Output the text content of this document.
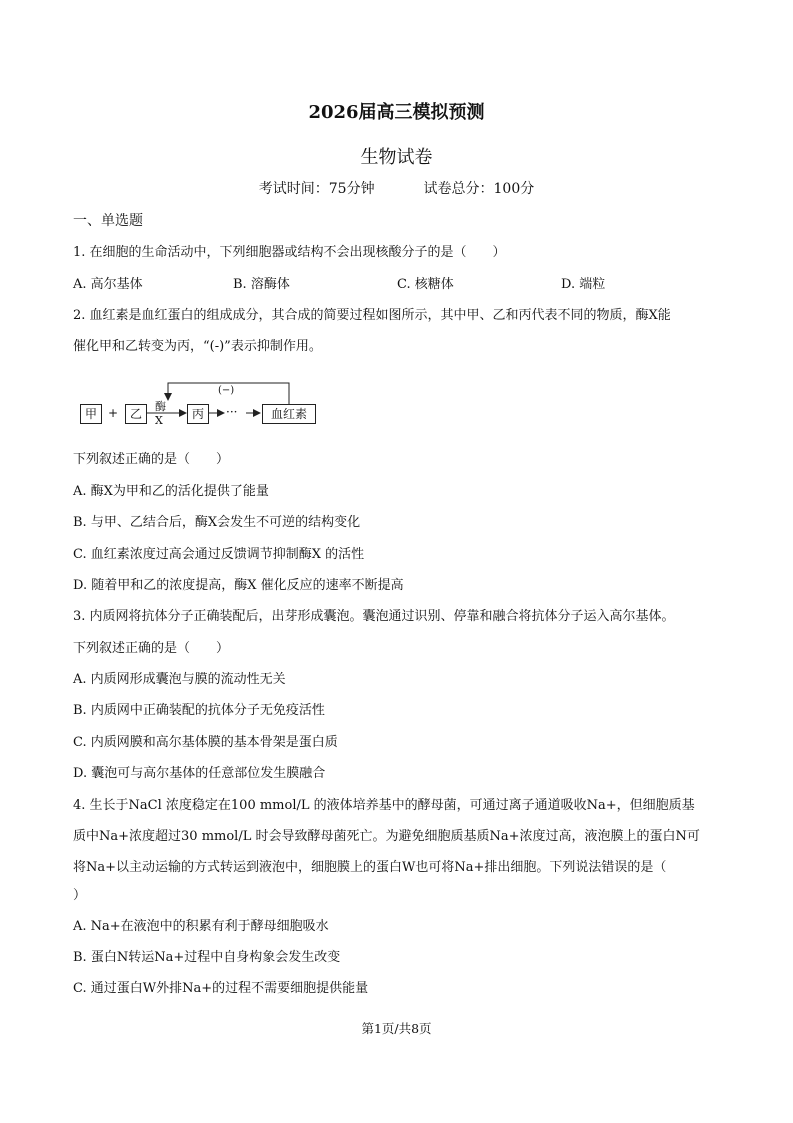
2026届高三模拟预测
生物试卷
考试时间：75分钟	试卷总分：100分
一、单选题
1. 在细胞的生命活动中，下列细胞器或结构不会出现核酸分子的是（　　）
A. 高尔基体	B. 溶酶体	C. 核糖体	D. 端粒
2. 血红素是血红蛋白的组成成分，其合成的简要过程如图所示，其中甲、乙和丙代表不同的物质，酶X能
催化甲和乙转变为丙，“(-)”表示抑制作用。
甲 + 乙
酶X	丙	···	血红素
(−)
下列叙述正确的是（　　）
A. 酶X为甲和乙的活化提供了能量
B. 与甲、乙结合后，酶X会发生不可逆的结构变化
C. 血红素浓度过高会通过反馈调节抑制酶X 的活性
D. 随着甲和乙的浓度提高，酶X 催化反应的速率不断提高
3. 内质网将抗体分子正确装配后，出芽形成囊泡。囊泡通过识别、停靠和融合将抗体分子运入高尔基体。
下列叙述正确的是（　　）
A. 内质网形成囊泡与膜的流动性无关
B. 内质网中正确装配的抗体分子无免疫活性
C. 内质网膜和高尔基体膜的基本骨架是蛋白质
D. 囊泡可与高尔基体的任意部位发生膜融合
4. 生长于NaCl 浓度稳定在100 mmol/L 的液体培养基中的酵母菌，可通过离子通道吸收Na+，但细胞质基
质中Na+浓度超过30 mmol/L 时会导致酵母菌死亡。为避免细胞质基质Na+浓度过高，液泡膜上的蛋白N可
将Na+以主动运输的方式转运到液泡中，细胞膜上的蛋白W也可将Na+排出细胞。下列说法错误的是（
）
A. Na+在液泡中的积累有利于酵母细胞吸水
B. 蛋白N转运Na+过程中自身构象会发生改变
C. 通过蛋白W外排Na+的过程不需要细胞提供能量
第1页/共8页
